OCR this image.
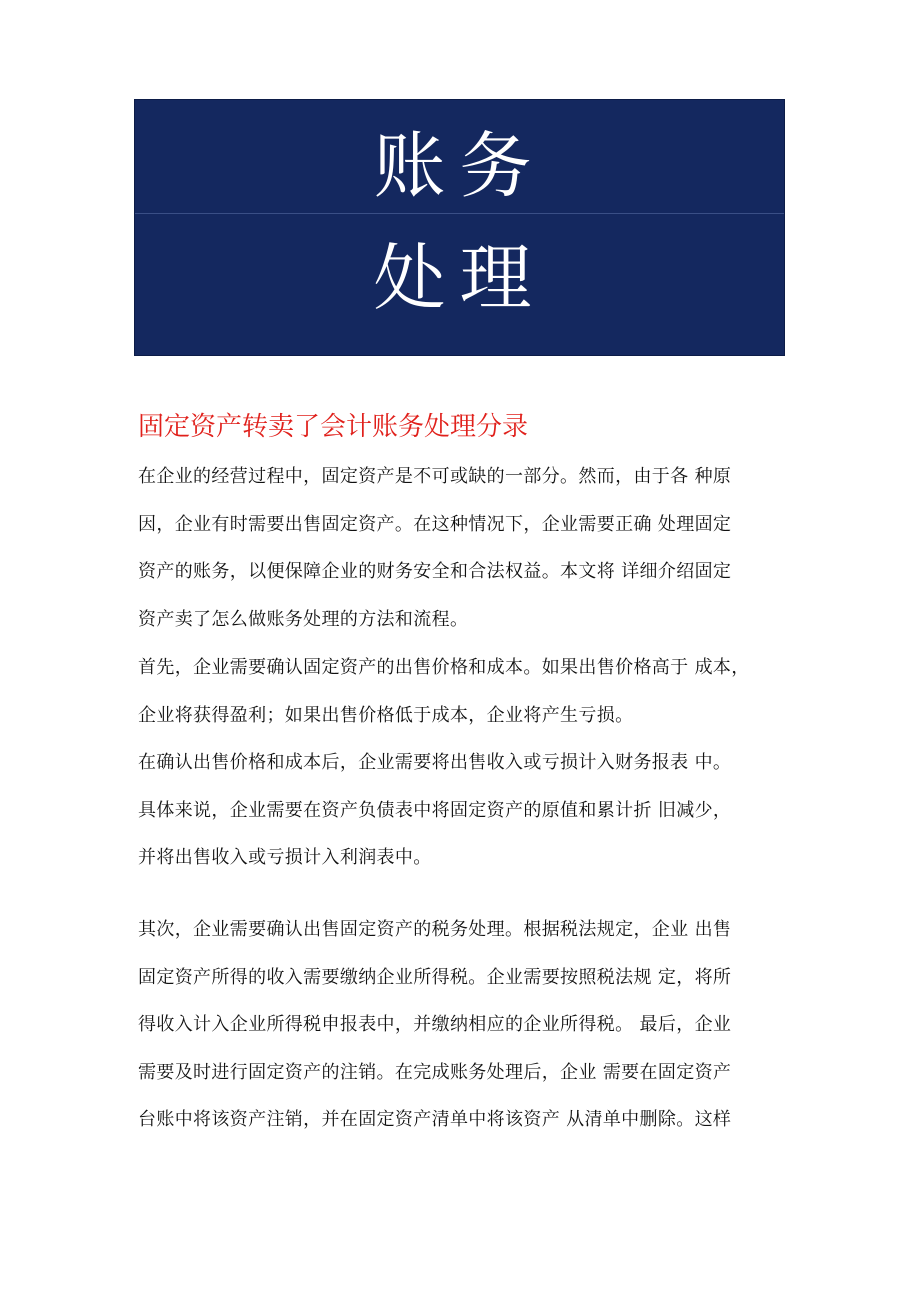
账务
处理
固定资产转卖了会计账务处理分录
在企业的经营过程中，固定资产是不可或缺的一部分。然而，由于各 种原
因，企业有时需要出售固定资产。在这种情况下，企业需要正确 处理固定
资产的账务，以便保障企业的财务安全和合法权益。本文将 详细介绍固定
资产卖了怎么做账务处理的方法和流程。
首先，企业需要确认固定资产的出售价格和成本。如果出售价格高于 成本，
企业将获得盈利；如果出售价格低于成本，企业将产生亏损。
在确认出售价格和成本后，企业需要将出售收入或亏损计入财务报表 中。
具体来说，企业需要在资产负债表中将固定资产的原值和累计折 旧减少，
并将出售收入或亏损计入利润表中。
其次，企业需要确认出售固定资产的税务处理。根据税法规定，企业 出售
固定资产所得的收入需要缴纳企业所得税。企业需要按照税法规 定，将所
得收入计入企业所得税申报表中，并缴纳相应的企业所得税。 最后，企业
需要及时进行固定资产的注销。在完成账务处理后，企业 需要在固定资产
台账中将该资产注销，并在固定资产清单中将该资产 从清单中删除。这样
